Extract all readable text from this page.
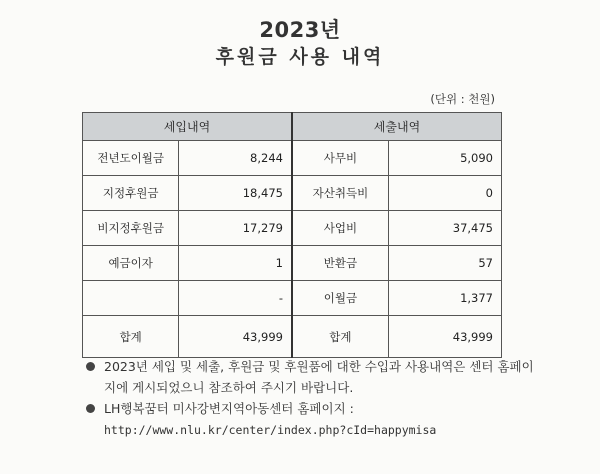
2023년
후원금 사용 내역
(단위 : 천원)
세입내역		세출내역	
전년도이월금	8,244	사무비	5,090
지정후원금	18,475	자산취득비	0
비지정후원금	17,279	사업비	37,475
예금이자	1	반환금	57
	-	이월금	1,377
합계	43,999	합계	43,999
2023년 세입 및 세출, 후원금 및 후원품에 대한 수입과 사용내역은 센터 홈페이지에 게시되었으니 참조하여 주시기 바랍니다.
LH행복꿈터 미사강변지역아동센터 홈페이지 :
http://www.nlu.kr/center/index.php?cId=happymisa
